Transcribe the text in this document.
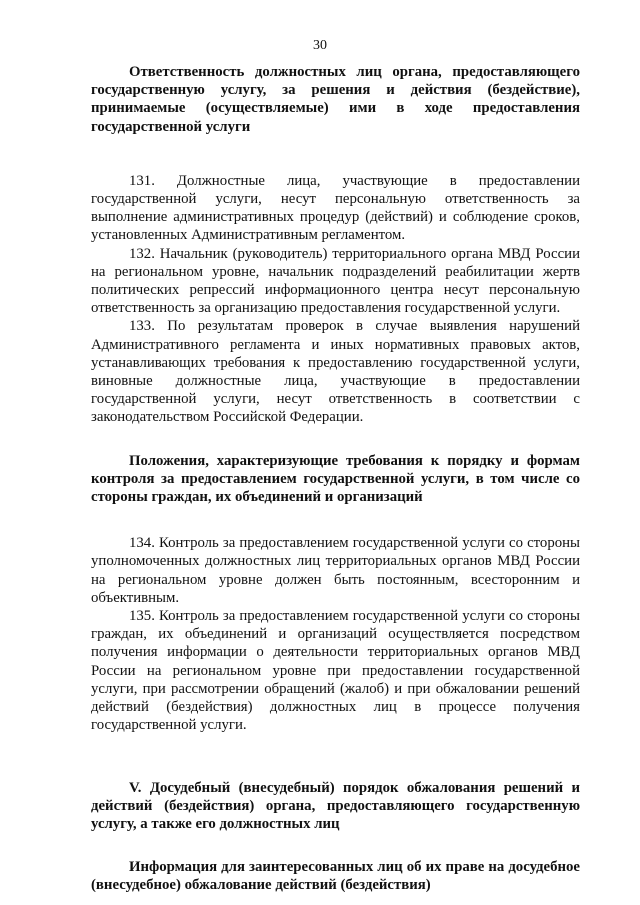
30

Ответственность должностных лиц органа, предоставляющего государственную услугу, за решения и действия (бездействие), принимаемые (осуществляемые) ими в ходе предоставления государственной услуги

131. Должностные лица, участвующие в предоставлении государственной услуги, несут персональную ответственность за выполнение административных процедур (действий) и соблюдение сроков, установленных Административным регламентом.

132. Начальник (руководитель) территориального органа МВД России на региональном уровне, начальник подразделений реабилитации жертв политических репрессий информационного центра несут персональную ответственность за организацию предоставления государственной услуги.

133. По результатам проверок в случае выявления нарушений Административного регламента и иных нормативных правовых актов, устанавливающих требования к предоставлению государственной услуги, виновные должностные лица, участвующие в предоставлении государственной услуги, несут ответственность в соответствии с законодательством Российской Федерации.

Положения, характеризующие требования к порядку и формам контроля за предоставлением государственной услуги, в том числе со стороны граждан, их объединений и организаций

134. Контроль за предоставлением государственной услуги со стороны уполномоченных должностных лиц территориальных органов МВД России на региональном уровне должен быть постоянным, всесторонним и объективным.

135. Контроль за предоставлением государственной услуги со стороны граждан, их объединений и организаций осуществляется посредством получения информации о деятельности территориальных органов МВД России на региональном уровне при предоставлении государственной услуги, при рассмотрении обращений (жалоб) и при обжаловании решений действий (бездействия) должностных лиц в процессе получения государственной услуги.

V. Досудебный (внесудебный) порядок обжалования решений и действий (бездействия) органа, предоставляющего государственную услугу, а также его должностных лиц

Информация для заинтересованных лиц об их праве на досудебное (внесудебное) обжалование действий (бездействия)
